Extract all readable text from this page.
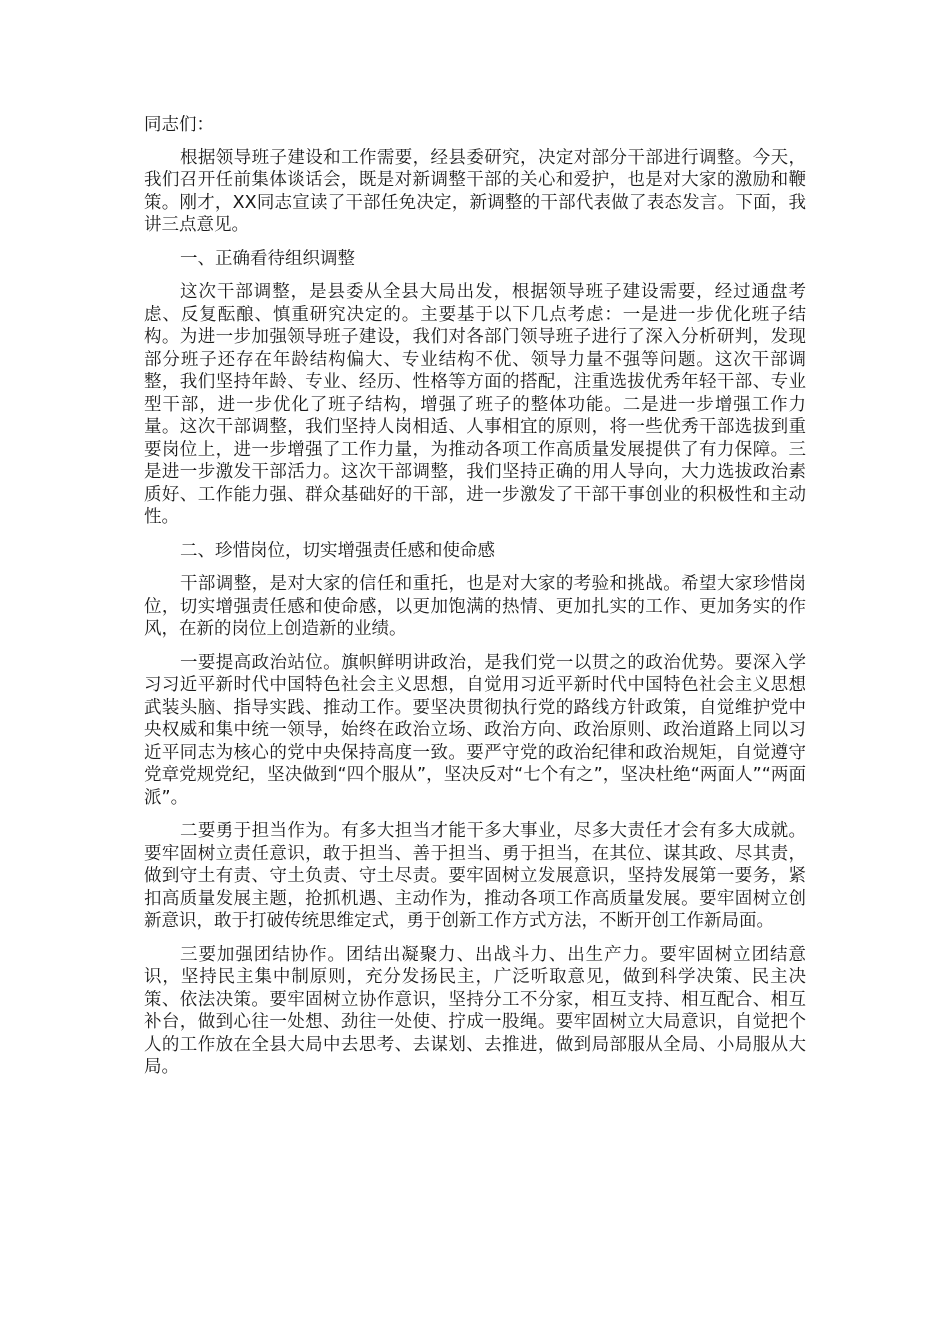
同志们：

根据领导班子建设和工作需要，经县委研究，决定对部分干部进行调整。今天，我们召开任前集体谈话会，既是对新调整干部的关心和爱护，也是对大家的激励和鞭策。刚才，XX同志宣读了干部任免决定，新调整的干部代表做了表态发言。下面，我讲三点意见。

一、正确看待组织调整

这次干部调整，是县委从全县大局出发，根据领导班子建设需要，经过通盘考虑、反复酝酿、慎重研究决定的。主要基于以下几点考虑：一是进一步优化班子结构。为进一步加强领导班子建设，我们对各部门领导班子进行了深入分析研判，发现部分班子还存在年龄结构偏大、专业结构不优、领导力量不强等问题。这次干部调整，我们坚持年龄、专业、经历、性格等方面的搭配，注重选拔优秀年轻干部、专业型干部，进一步优化了班子结构，增强了班子的整体功能。二是进一步增强工作力量。这次干部调整，我们坚持人岗相适、人事相宜的原则，将一些优秀干部选拔到重要岗位上，进一步增强了工作力量，为推动各项工作高质量发展提供了有力保障。三是进一步激发干部活力。这次干部调整，我们坚持正确的用人导向，大力选拔政治素质好、工作能力强、群众基础好的干部，进一步激发了干部干事创业的积极性和主动性。

二、珍惜岗位，切实增强责任感和使命感

干部调整，是对大家的信任和重托，也是对大家的考验和挑战。希望大家珍惜岗位，切实增强责任感和使命感，以更加饱满的热情、更加扎实的工作、更加务实的作风，在新的岗位上创造新的业绩。

一要提高政治站位。旗帜鲜明讲政治，是我们党一以贯之的政治优势。要深入学习习近平新时代中国特色社会主义思想，自觉用习近平新时代中国特色社会主义思想武装头脑、指导实践、推动工作。要坚决贯彻执行党的路线方针政策，自觉维护党中央权威和集中统一领导，始终在政治立场、政治方向、政治原则、政治道路上同以习近平同志为核心的党中央保持高度一致。要严守党的政治纪律和政治规矩，自觉遵守党章党规党纪，坚决做到“四个服从”，坚决反对“七个有之”，坚决杜绝“两面人”“两面派”。

二要勇于担当作为。有多大担当才能干多大事业，尽多大责任才会有多大成就。要牢固树立责任意识，敢于担当、善于担当、勇于担当，在其位、谋其政、尽其责，做到守土有责、守土负责、守土尽责。要牢固树立发展意识，坚持发展第一要务，紧扣高质量发展主题，抢抓机遇、主动作为，推动各项工作高质量发展。要牢固树立创新意识，敢于打破传统思维定式，勇于创新工作方式方法，不断开创工作新局面。

三要加强团结协作。团结出凝聚力、出战斗力、出生产力。要牢固树立团结意识，坚持民主集中制原则，充分发扬民主，广泛听取意见，做到科学决策、民主决策、依法决策。要牢固树立协作意识，坚持分工不分家，相互支持、相互配合、相互补台，做到心往一处想、劲往一处使、拧成一股绳。要牢固树立大局意识，自觉把个人的工作放在全县大局中去思考、去谋划、去推进，做到局部服从全局、小局服从大局。
